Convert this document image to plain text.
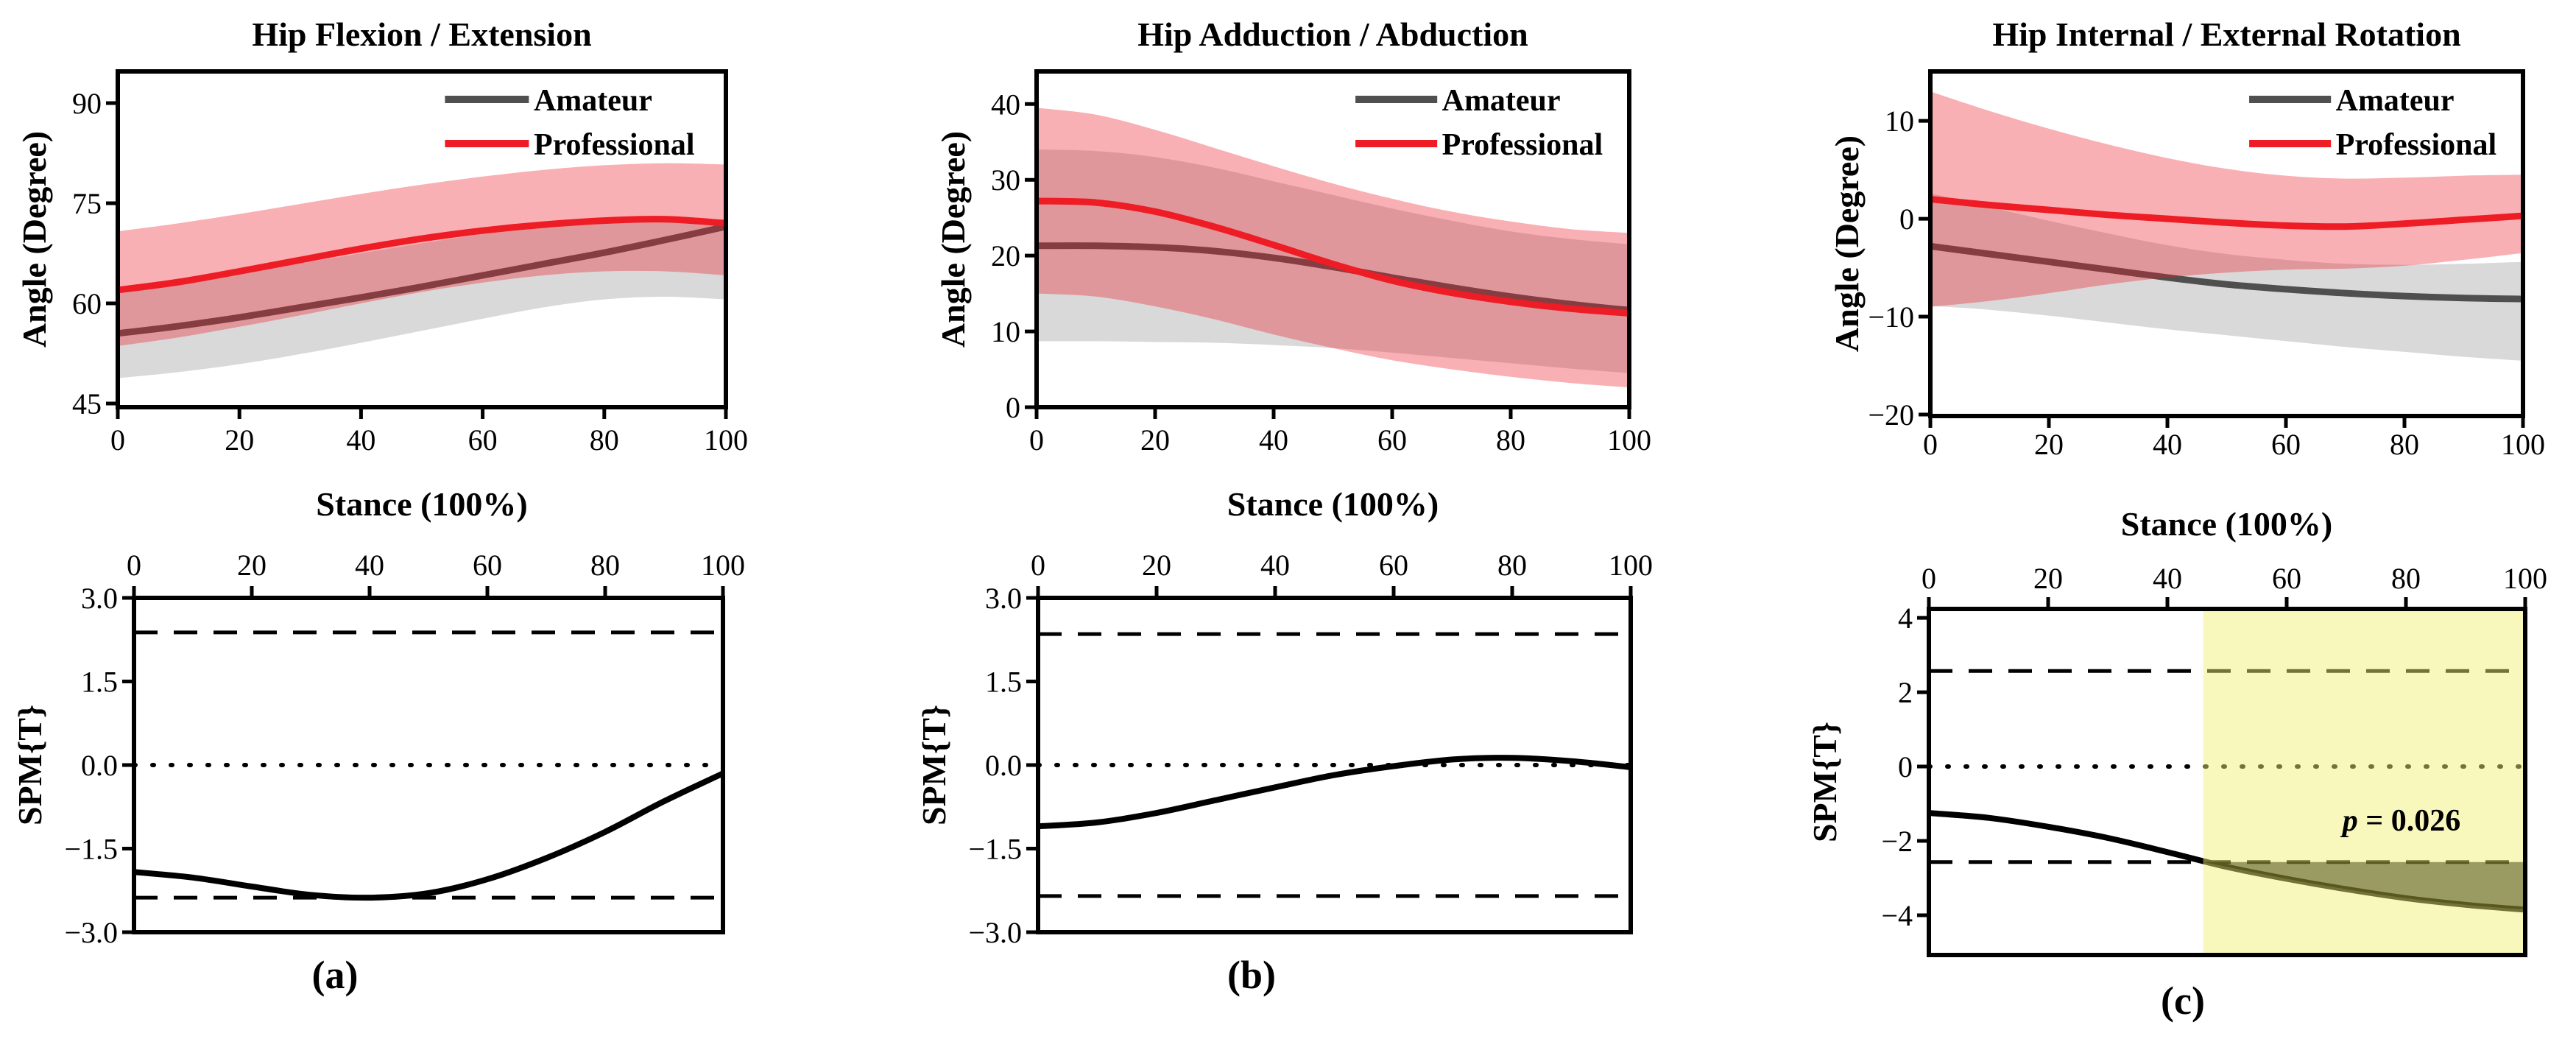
Amateur
Professional
Hip Flexion / Extension
0	20	40	60	80	100
Stance (100%)
45
60
75
90
Angle (Degree)
Amateur
Professional
Hip Adduction / Abduction
0	20	40	60	80	100
Stance (100%)
0
10
20
30
40
Angle (Degree)
Amateur
Professional
Hip Internal / External Rotation
0	20	40	60	80	100
Stance (100%)
−20
−10
0
10
Angle (Degree)
0	20	40	60	80	100
3.0
1.5
0.0
−1.5
−3.0
SPM{T}
(a)
0	20	40	60	80	100
3.0
1.5
0.0
−1.5
−3.0
SPM{T}
(b)
p = 0.026
0	20	40	60	80	100
4
2
0
−2
−4
SPM{T}
(c)
